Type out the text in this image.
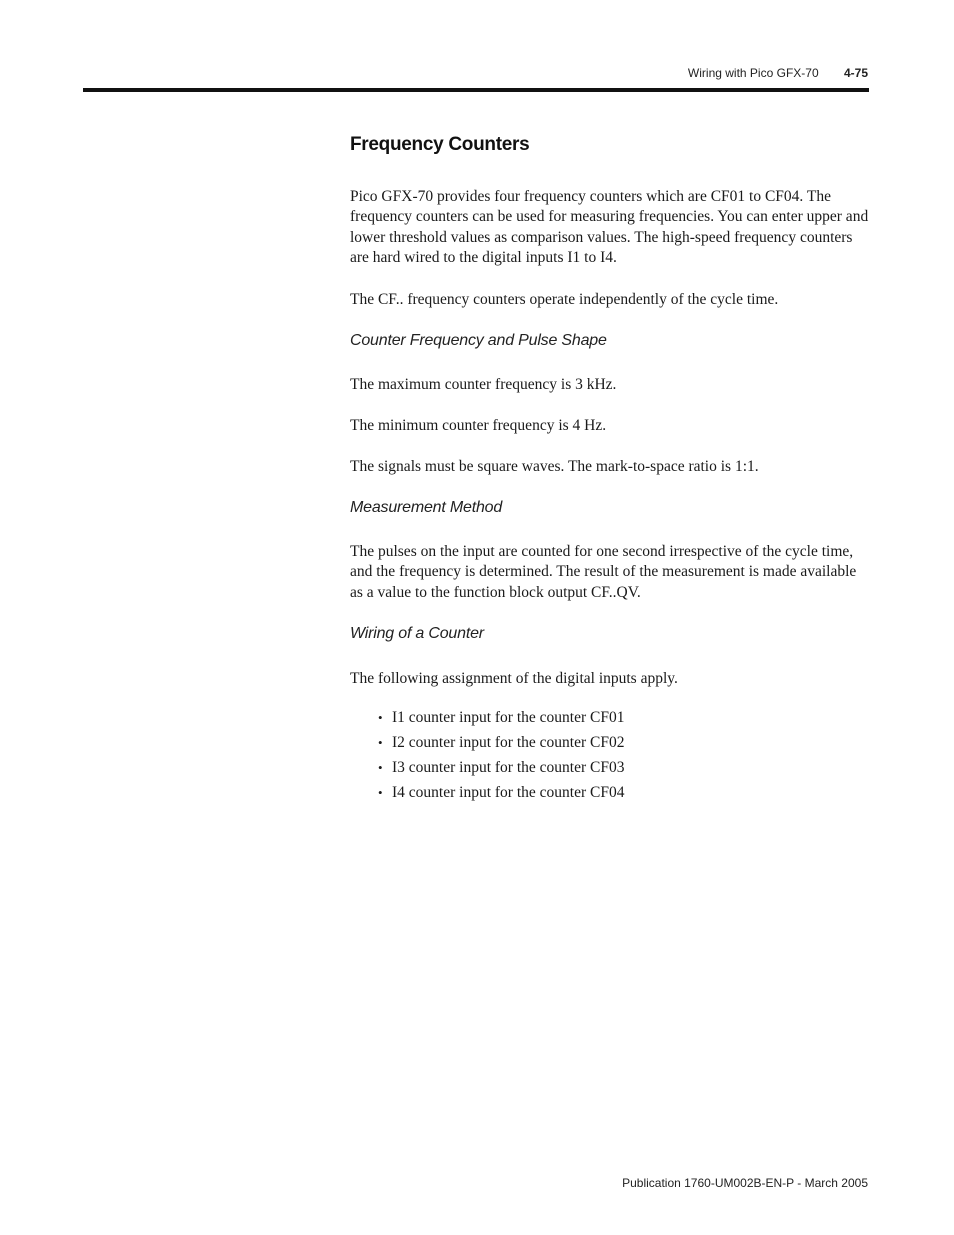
Wiring with Pico GFX-70 4-75
Frequency Counters

Pico GFX-70 provides four frequency counters which are CF01 to CF04. The frequency counters can be used for measuring frequencies. You can enter upper and lower threshold values as comparison values. The high-speed frequency counters are hard wired to the digital inputs I1 to I4.

The CF.. frequency counters operate independently of the cycle time.

Counter Frequency and Pulse Shape

The maximum counter frequency is 3 kHz.

The minimum counter frequency is 4 Hz.

The signals must be square waves. The mark-to-space ratio is 1:1.

Measurement Method

The pulses on the input are counted for one second irrespective of the cycle time, and the frequency is determined. The result of the measurement is made available as a value to the function block output CF..QV.

Wiring of a Counter

The following assignment of the digital inputs apply.

• I1 counter input for the counter CF01
• I2 counter input for the counter CF02
• I3 counter input for the counter CF03
• I4 counter input for the counter CF04
Publication 1760-UM002B-EN-P - March 2005
